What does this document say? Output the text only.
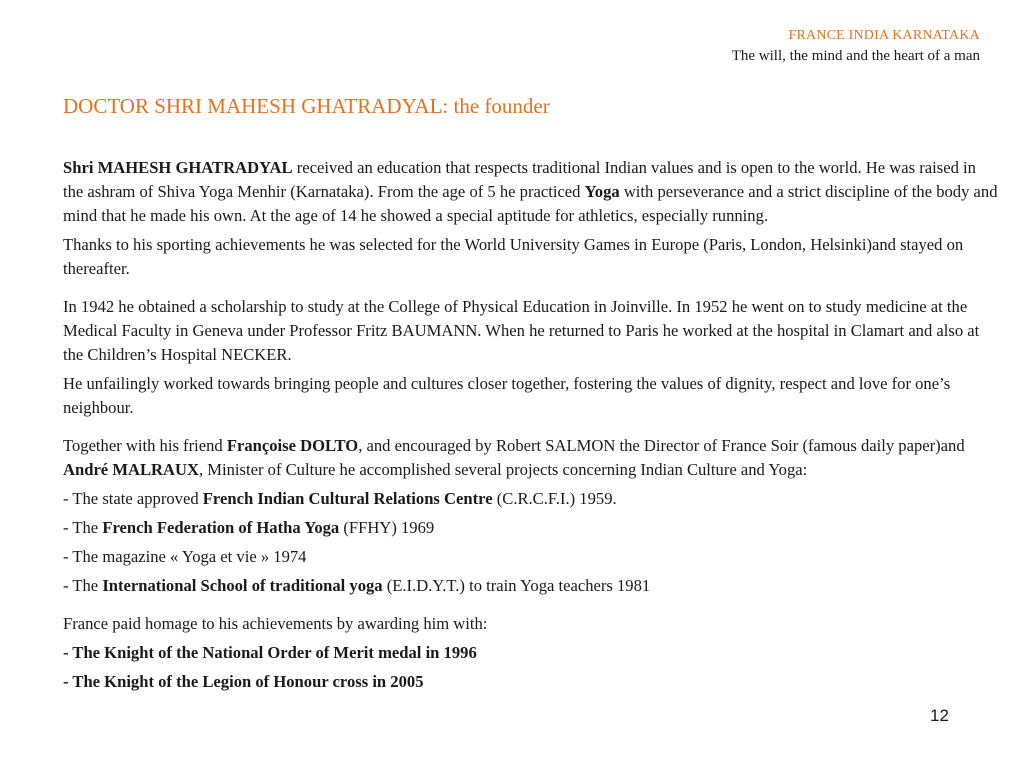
FRANCE INDIA KARNATAKA
The will, the mind and the heart of a man
DOCTOR SHRI MAHESH GHATRADYAL: the founder

Shri MAHESH GHATRADYAL received an education that respects traditional Indian values and is open to the world. He was raised in the ashram of Shiva Yoga Menhir (Karnataka). From the age of 5 he practiced Yoga with perseverance and a strict discipline of the body and mind that he made his own. At the age of 14 he showed a special aptitude for athletics, especially running.

Thanks to his sporting achievements he was selected for the World University Games in Europe (Paris, London, Helsinki)and stayed on thereafter.

In 1942 he obtained a scholarship to study at the College of Physical Education in Joinville. In 1952 he went on to study medicine at the Medical Faculty in Geneva under Professor Fritz BAUMANN. When he returned to Paris he worked at the hospital in Clamart and also at the Children’s Hospital NECKER.

He unfailingly worked towards bringing people and cultures closer together, fostering the values of dignity, respect and love for one’s neighbour.

Together with his friend Françoise DOLTO, and encouraged by Robert SALMON the Director of France Soir (famous daily paper)and André MALRAUX, Minister of Culture he accomplished several projects concerning Indian Culture and Yoga:

- The state approved French Indian Cultural Relations Centre (C.R.C.F.I.) 1959.

- The French Federation of Hatha Yoga (FFHY) 1969

- The magazine « Yoga et vie » 1974

- The International School of traditional yoga (E.I.D.Y.T.) to train Yoga teachers 1981

France paid homage to his achievements by awarding him with:

- The Knight of the National Order of Merit medal in 1996

- The Knight of the Legion of Honour cross in 2005

12
